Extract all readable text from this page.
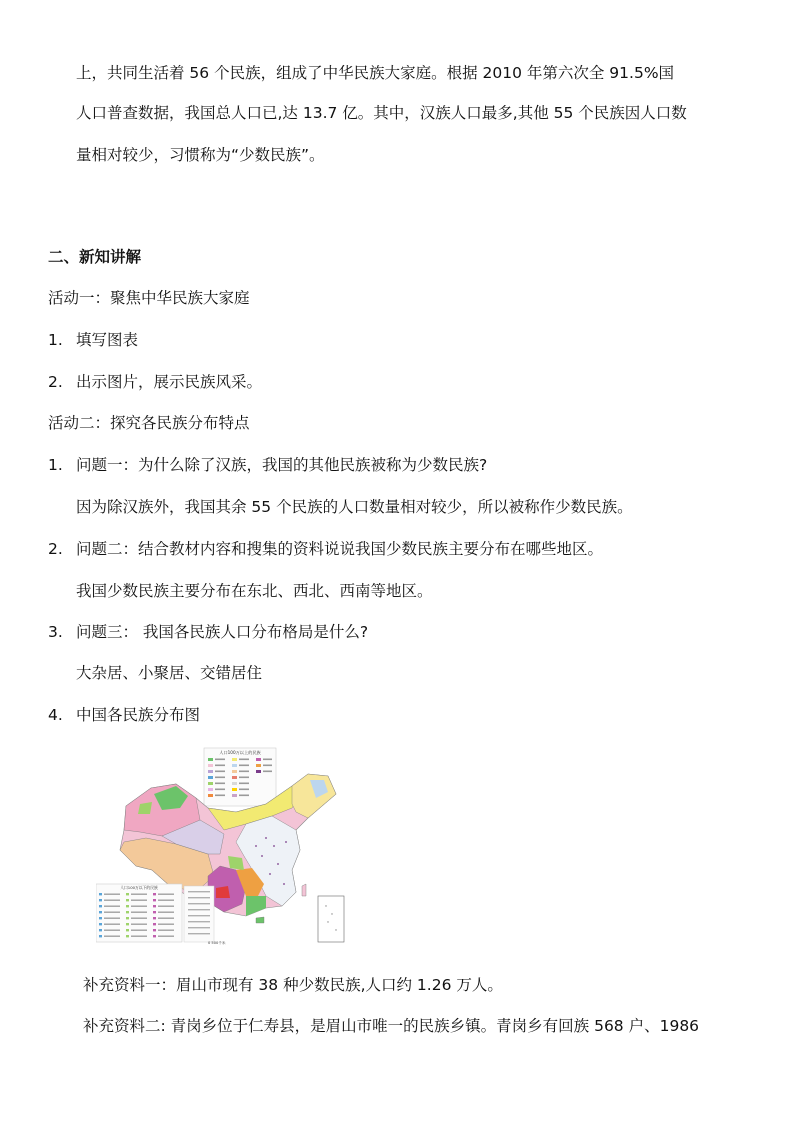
上，共同生活着 56 个民族，组成了中华民族大家庭。根据 2010 年第六次全 91.5%国
人口普查数据，我国总人口已,达 13.7 亿。其中，汉族人口最多,其他 55 个民族因人口数
量相对较少，习惯称为“少数民族”。
二、新知讲解
活动一：聚焦中华民族大家庭
1. 填写图表
2. 出示图片，展示民族风采。
活动二：探究各民族分布特点
1. 问题一：为什么除了汉族，我国的其他民族被称为少数民族?
因为除汉族外，我国其余 55 个民族的人口数量相对较少，所以被称作少数民族。
2. 问题二：结合教材内容和搜集的资料说说我国少数民族主要分布在哪些地区。
我国少数民族主要分布在东北、西北、西南等地区。
3. 问题三： 我国各民族人口分布格局是什么?
大杂居、小聚居、交错居住
4. 中国各民族分布图
人口100万以上的民族
人口100万以下的民族
0 500千米
补充资料一：眉山市现有 38 种少数民族,人口约 1.26 万人。
补充资料二: 青岗乡位于仁寿县，是眉山市唯一的民族乡镇。青岗乡有回族 568 户、1986
